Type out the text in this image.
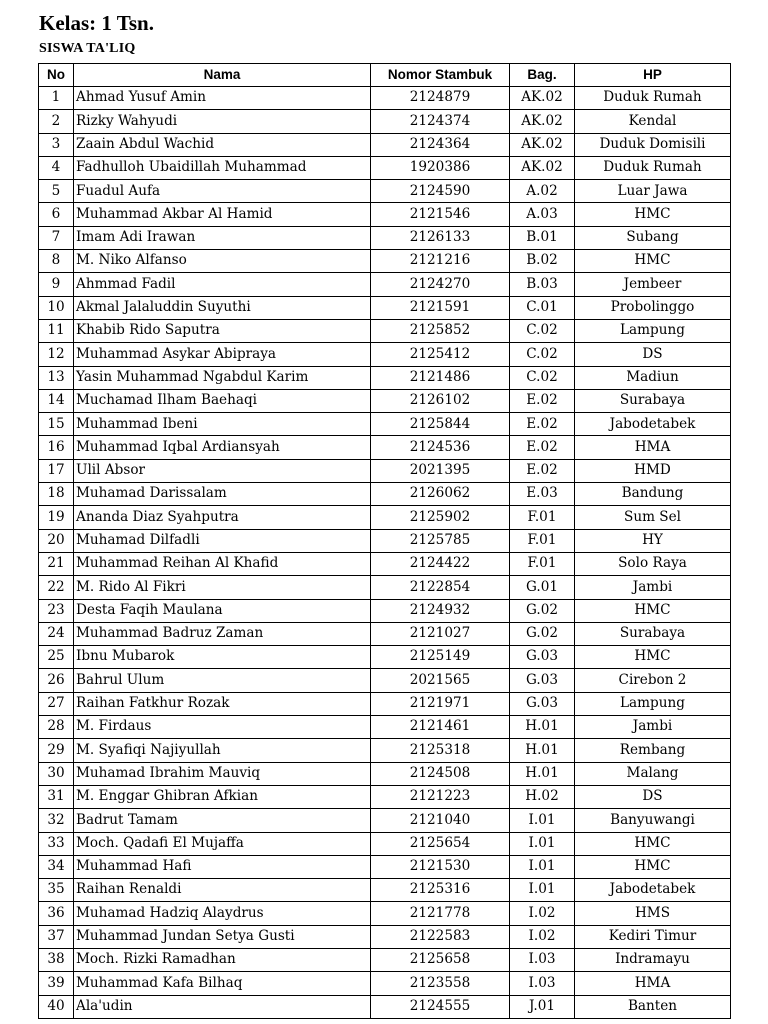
Kelas: 1 Tsn.
SISWA TA'LIQ
No	Nama	Nomor Stambuk	Bag.	HP
1	Ahmad Yusuf Amin	2124879	AK.02	Duduk Rumah
2	Rizky Wahyudi	2124374	AK.02	Kendal
3	Zaain Abdul Wachid	2124364	AK.02	Duduk Domisili
4	Fadhulloh Ubaidillah Muhammad	1920386	AK.02	Duduk Rumah
5	Fuadul Aufa	2124590	A.02	Luar Jawa
6	Muhammad Akbar Al Hamid	2121546	A.03	HMC
7	Imam Adi Irawan	2126133	B.01	Subang
8	M. Niko Alfanso	2121216	B.02	HMC
9	Ahmmad Fadil	2124270	B.03	Jembeer
10	Akmal Jalaluddin Suyuthi	2121591	C.01	Probolinggo
11	Khabib Rido Saputra	2125852	C.02	Lampung
12	Muhammad Asykar Abipraya	2125412	C.02	DS
13	Yasin Muhammad Ngabdul Karim	2121486	C.02	Madiun
14	Muchamad Ilham Baehaqi	2126102	E.02	Surabaya
15	Muhammad Ibeni	2125844	E.02	Jabodetabek
16	Muhammad Iqbal Ardiansyah	2124536	E.02	HMA
17	Ulil Absor	2021395	E.02	HMD
18	Muhamad Darissalam	2126062	E.03	Bandung
19	Ananda Diaz Syahputra	2125902	F.01	Sum Sel
20	Muhamad Dilfadli	2125785	F.01	HY
21	Muhammad Reihan Al Khafid	2124422	F.01	Solo Raya
22	M. Rido Al Fikri	2122854	G.01	Jambi
23	Desta Faqih Maulana	2124932	G.02	HMC
24	Muhammad Badruz Zaman	2121027	G.02	Surabaya
25	Ibnu Mubarok	2125149	G.03	HMC
26	Bahrul Ulum	2021565	G.03	Cirebon 2
27	Raihan Fatkhur Rozak	2121971	G.03	Lampung
28	M. Firdaus	2121461	H.01	Jambi
29	M. Syafiqi Najiyullah	2125318	H.01	Rembang
30	Muhamad Ibrahim Mauviq	2124508	H.01	Malang
31	M. Enggar Ghibran Afkian	2121223	H.02	DS
32	Badrut Tamam	2121040	I.01	Banyuwangi
33	Moch. Qadafi El Mujaffa	2125654	I.01	HMC
34	Muhammad Hafi	2121530	I.01	HMC
35	Raihan Renaldi	2125316	I.01	Jabodetabek
36	Muhamad Hadziq Alaydrus	2121778	I.02	HMS
37	Muhammad Jundan Setya Gusti	2122583	I.02	Kediri Timur
38	Moch. Rizki Ramadhan	2125658	I.03	Indramayu
39	Muhammad Kafa Bilhaq	2123558	I.03	HMA
40	Ala'udin	2124555	J.01	Banten
